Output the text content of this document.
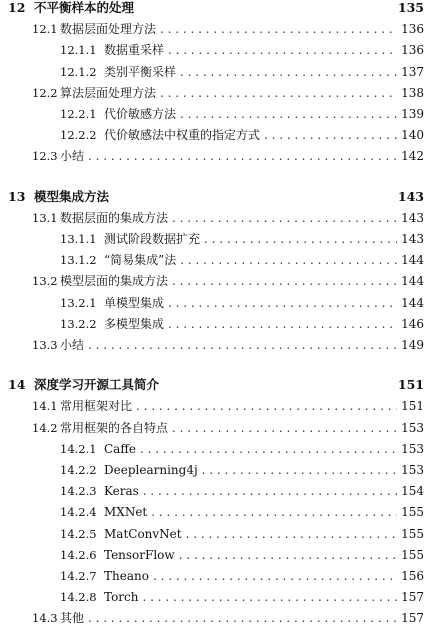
12 不平衡样本的处理	135
12.1 数据层面处理方法 . . .	136
12.1.1 数据重采样 . . .	136
12.1.2 类别平衡采样 . . .	137
12.2 算法层面处理方法 . . .	138
12.2.1 代价敏感方法 . . .	139
12.2.2 代价敏感法中权重的指定方式 . . .	140
12.3 小结 . . .	142
13 模型集成方法	143
13.1 数据层面的集成方法 . . .	143
13.1.1 测试阶段数据扩充 . . .	143
13.1.2 “简易集成”法 . . .	144
13.2 模型层面的集成方法 . . .	144
13.2.1 单模型集成 . . .	144
13.2.2 多模型集成 . . .	146
13.3 小结 . . .	149
14 深度学习开源工具简介	151
14.1 常用框架对比 . . .	151
14.2 常用框架的各自特点 . . .	153
14.2.1 Caffe . . .	153
14.2.2 Deeplearning4j . . .	153
14.2.3 Keras . . .	154
14.2.4 MXNet . . .	155
14.2.5 MatConvNet . . .	155
14.2.6 TensorFlow . . .	155
14.2.7 Theano . . .	156
14.2.8 Torch . . .	157
14.3 其他 . . .	157
